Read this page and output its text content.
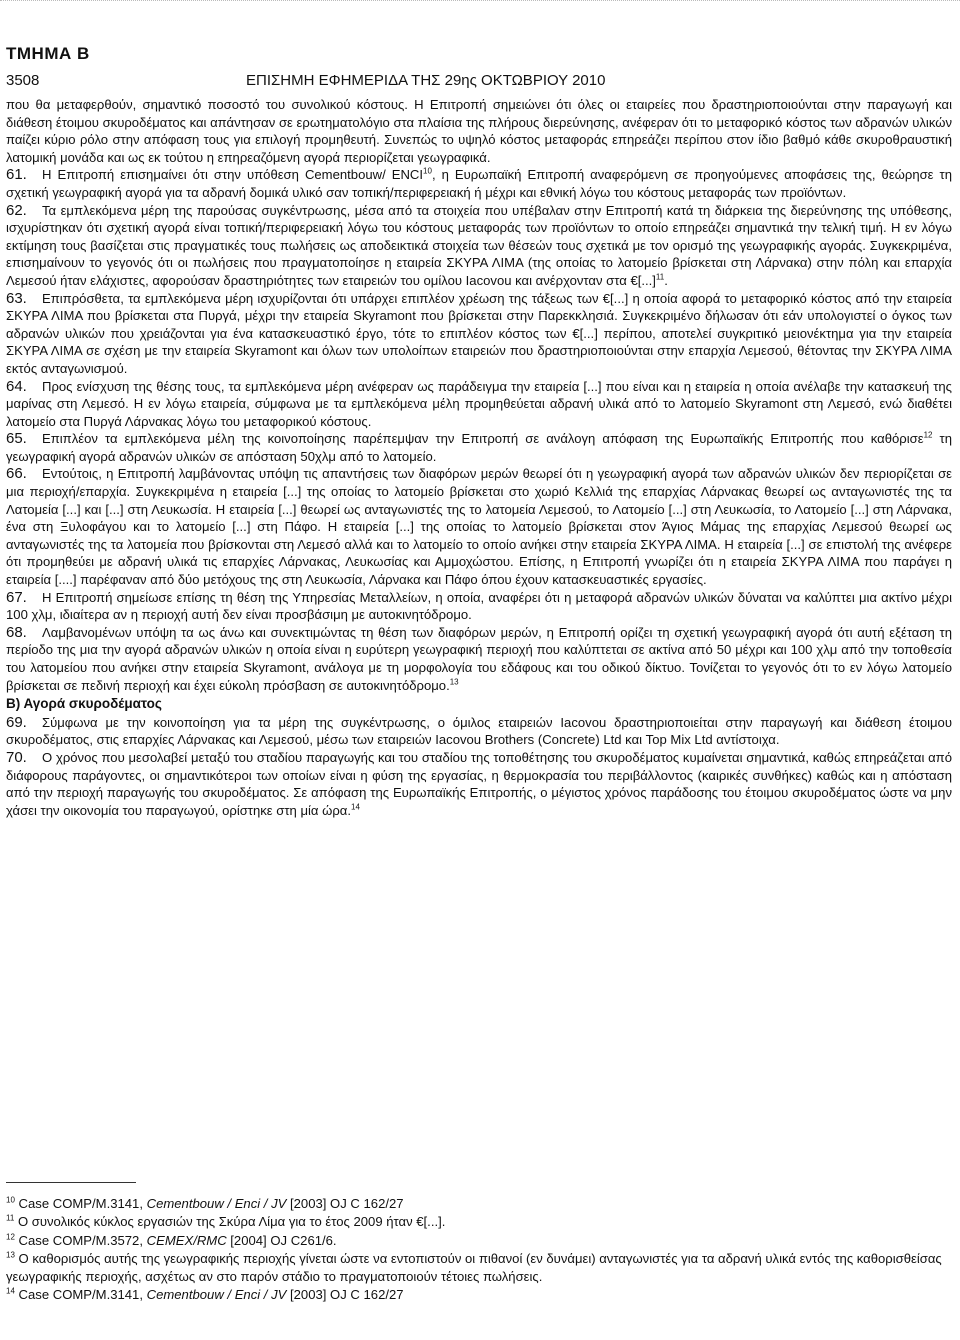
ΤΜΗΜΑ Β
3508	ΕΠΙΣΗΜΗ ΕΦΗΜΕΡΙΔΑ ΤΗΣ 29ης ΟΚΤΩΒΡΙΟΥ 2010

που θα μεταφερθούν, σημαντικό ποσοστό του συνολικού κόστους. Η Επιτροπή σημειώνει ότι όλες οι εταιρείες που δραστηριοποιούνται στην παραγωγή και διάθεση έτοιμου σκυροδέματος και απάντησαν σε ερωτηματολόγιο στα πλαίσια της πλήρους διερεύνησης, ανέφεραν ότι το μεταφορικό κόστος των αδρανών υλικών παίζει κύριο ρόλο στην απόφαση τους για επιλογή προμηθευτή. Συνεπώς το υψηλό κόστος μεταφοράς επηρεάζει περίπου στον ίδιο βαθμό κάθε σκυροθραυστική λατομική μονάδα και ως εκ τούτου η επηρεαζόμενη αγορά περιορίζεται γεωγραφικά.

61. Η Επιτροπή επισημαίνει ότι στην υπόθεση Cementbouw/ ENCI$^{10}$, η Ευρωπαϊκή Επιτροπή αναφερόμενη σε προηγούμενες αποφάσεις της, θεώρησε τη σχετική γεωγραφική αγορά για τα αδρανή δομικά υλικό σαν τοπική/περιφερειακή ή μέχρι και εθνική λόγω του κόστους μεταφοράς των προϊόντων.

62. Τα εμπλεκόμενα μέρη της παρούσας συγκέντρωσης, μέσα από τα στοιχεία που υπέβαλαν στην Επιτροπή κατά τη διάρκεια της διερεύνησης της υπόθεσης, ισχυρίστηκαν ότι σχετική αγορά είναι τοπική/περιφερειακή λόγω του κόστους μεταφοράς των προϊόντων το οποίο επηρεάζει σημαντικά την τελική τιμή. Η εν λόγω εκτίμηση τους βασίζεται στις πραγματικές τους πωλήσεις ως αποδεικτικά στοιχεία των θέσεών τους σχετικά με τον ορισμό της γεωγραφικής αγοράς. Συγκεκριμένα, επισημαίνουν το γεγονός ότι οι πωλήσεις που πραγματοποίησε η εταιρεία ΣΚΥΡΑ ΛΙΜΑ (της οποίας το λατομείο βρίσκεται στη Λάρνακα) στην πόλη και επαρχία Λεμεσού ήταν ελάχιστες, αφορούσαν δραστηριότητες των εταιρειών του ομίλου Iacovou και ανέρχονταν στα €[...]$^{11}$.

63. Επιπρόσθετα, τα εμπλεκόμενα μέρη ισχυρίζονται ότι υπάρχει επιπλέον χρέωση της τάξεως των €[...] η οποία αφορά το μεταφορικό κόστος από την εταιρεία ΣΚΥΡΑ ΛΙΜΑ που βρίσκεται στα Πυργά, μέχρι την εταιρεία Skyramont που βρίσκεται στην Παρεκκλησιά. Συγκεκριμένο δήλωσαν ότι εάν υπολογιστεί ο όγκος των αδρανών υλικών που χρειάζονται για ένα κατασκευαστικό έργο, τότε το επιπλέον κόστος των €[...] περίπου, αποτελεί συγκριτικό μειονέκτημα για την εταιρεία ΣΚΥΡΑ ΛΙΜΑ σε σχέση με την εταιρεία Skyramont και όλων των υπολοίπων εταιρειών που δραστηριοποιούνται στην επαρχία Λεμεσού, θέτοντας την ΣΚΥΡΑ ΛΙΜΑ εκτός ανταγωνισμού.

64. Προς ενίσχυση της θέσης τους, τα εμπλεκόμενα μέρη ανέφεραν ως παράδειγμα την εταιρεία [...] που είναι και η εταιρεία η οποία ανέλαβε την κατασκευή της μαρίνας στη Λεμεσό. Η εν λόγω εταιρεία, σύμφωνα με τα εμπλεκόμενα μέλη προμηθεύεται αδρανή υλικά από το λατομείο Skyramont στη Λεμεσό, ενώ διαθέτει λατομείο στα Πυργά Λάρνακας λόγω του μεταφορικού κόστους.

65. Επιπλέον τα εμπλεκόμενα μέλη της κοινοποίησης παρέπεμψαν την Επιτροπή σε ανάλογη απόφαση της Ευρωπαϊκής Επιτροπής που καθόρισε$^{12}$ τη γεωγραφική αγορά αδρανών υλικών σε απόσταση 50χλμ από το λατομείο.

66. Εντούτοις, η Επιτροπή λαμβάνοντας υπόψη τις απαντήσεις των διαφόρων μερών θεωρεί ότι η γεωγραφική αγορά των αδρανών υλικών δεν περιορίζεται σε μια περιοχή/επαρχία. Συγκεκριμένα η εταιρεία [...] της οποίας το λατομείο βρίσκεται στο χωριό Κελλιά της επαρχίας Λάρνακας θεωρεί ως ανταγωνιστές της τα Λατομεία [...] και [...] στη Λευκωσία. Η εταιρεία [...] θεωρεί ως ανταγωνιστές της το λατομεία Λεμεσού, το Λατομείο [...] στη Λευκωσία, το Λατομείο [...] στη Λάρνακα, ένα στη Ξυλοφάγου και το λατομείο [...] στη Πάφο. Η εταιρεία [...] της οποίας το λατομείο βρίσκεται στον Άγιος Μάμας της επαρχίας Λεμεσού θεωρεί ως ανταγωνιστές της τα λατομεία που βρίσκονται στη Λεμεσό αλλά και το λατομείο το οποίο ανήκει στην εταιρεία ΣΚΥΡΑ ΛΙΜΑ. Η εταιρεία [...] σε επιστολή της ανέφερε ότι προμηθεύει με αδρανή υλικά τις επαρχίες Λάρνακας, Λευκωσίας και Αμμοχώστου. Επίσης, η Επιτροπή γνωρίζει ότι η εταιρεία ΣΚΥΡΑ ΛΙΜΑ που παράγει η εταιρεία [....] παρέφαναν από δύο μετόχους της στη Λευκωσία, Λάρνακα και Πάφο όπου έχουν κατασκευαστικές εργασίες.

67. Η Επιτροπή σημείωσε επίσης τη θέση της Υπηρεσίας Μεταλλείων, η οποία, αναφέρει ότι η μεταφορά αδρανών υλικών δύναται να καλύπτει μια ακτίνο μέχρι 100 χλμ, ιδιαίτερα αν η περιοχή αυτή δεν είναι προσβάσιμη με αυτοκινητόδρομο.

68. Λαμβανομένων υπόψη τα ως άνω και συνεκτιμώντας τη θέση των διαφόρων μερών, η Επιτροπή ορίζει τη σχετική γεωγραφική αγορά ότι αυτή εξέταση τη περίοδο της μια την αγορά αδρανών υλικών η οποία είναι η ευρύτερη γεωγραφική περιοχή που καλύπτεται σε ακτίνα από 50 μέχρι και 100 χλμ από την τοποθεσία του λατομείου που ανήκει στην εταιρεία Skyramont, ανάλογα με τη μορφολογία του εδάφους και του οδικού δίκτυο. Τονίζεται το γεγονός ότι το εν λόγω λατομείο βρίσκεται σε πεδινή περιοχή και έχει εύκολη πρόσβαση σε αυτοκινητόδρομο.$^{13}$

Β) Αγορά σκυροδέματος

69. Σύμφωνα με την κοινοποίηση για τα μέρη της συγκέντρωσης, ο όμιλος εταιρειών Iacovou δραστηριοποιείται στην παραγωγή και διάθεση έτοιμου σκυροδέματος, στις επαρχίες Λάρνακας και Λεμεσού, μέσω των εταιρειών Iacovou Brothers (Concrete) Ltd και Top Mix Ltd αντίστοιχα.

70. Ο χρόνος που μεσολαβεί μεταξύ του σταδίου παραγωγής και του σταδίου της τοποθέτησης του σκυροδέματος κυμαίνεται σημαντικά, καθώς επηρεάζεται από διάφορους παράγοντες, οι σημαντικότεροι των οποίων είναι η φύση της εργασίας, η θερμοκρασία του περιβάλλοντος (καιρικές συνθήκες) καθώς και η απόσταση από την περιοχή παραγωγής του σκυροδέματος. Σε απόφαση της Ευρωπαϊκής Επιτροπής, ο μέγιστος χρόνος παράδοσης του έτοιμου σκυροδέματος ώστε να μην χάσει την οικονομία του παραγωγού, ορίστηκε στη μία ώρα.$^{14}$

$^{10}$ Case COMP/M.3141, Cementbouw / Enci / JV [2003] OJ C 162/27

$^{11}$ Ο συνολικός κύκλος εργασιών της Σκύρα Λίμα για το έτος 2009 ήταν €[...].

$^{12}$ Case COMP/M.3572, CEMEX/RMC [2004] OJ C261/6.

$^{13}$ Ο καθορισμός αυτής της γεωγραφικής περιοχής γίνεται ώστε να εντοπιστούν οι πιθανοί (εν δυνάμει) ανταγωνιστές για τα αδρανή υλικά εντός της καθορισθείσας γεωγραφικής περιοχής, ασχέτως αν στο παρόν στάδιο το πραγματοποιούν τέτοιες πωλήσεις.

$^{14}$ Case COMP/M.3141, Cementbouw / Enci / JV [2003] OJ C 162/27
